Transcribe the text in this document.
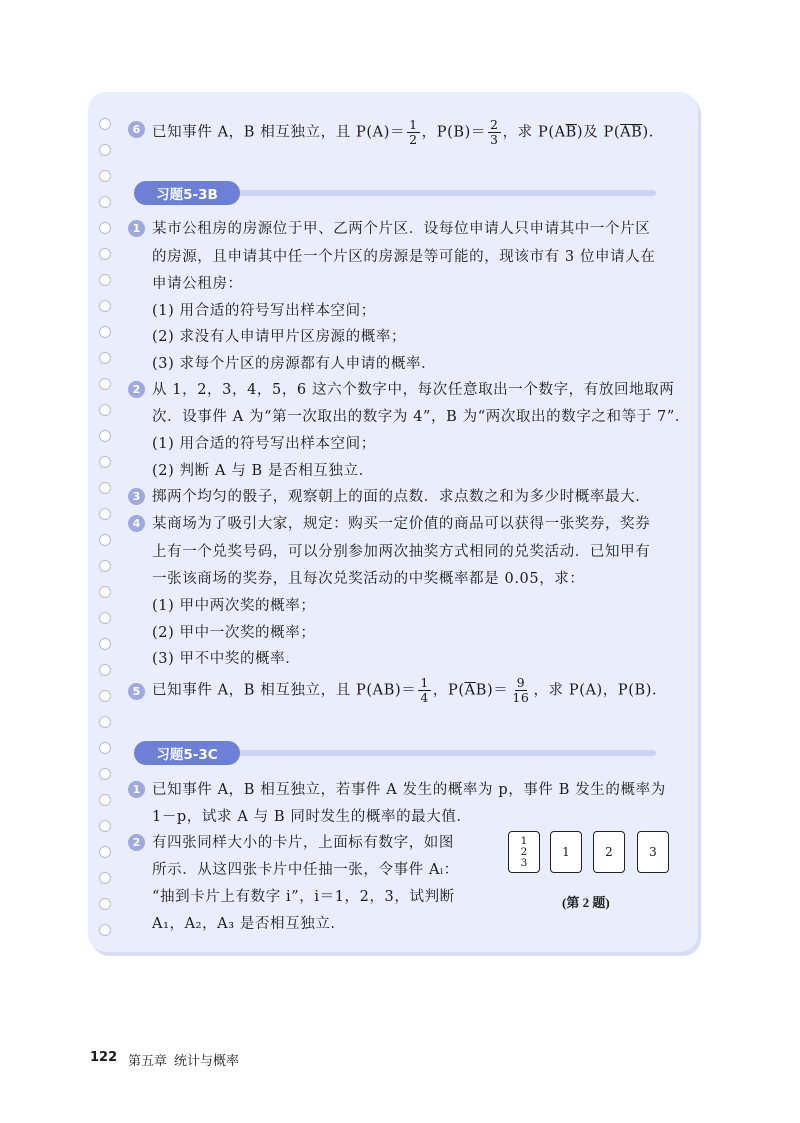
6 已知事件 A，B 相互独立，且 $P(A)= \frac{1}{2}$ ，$P(B)= \frac{2}{3}$ ，求 $P(A\overline{B})$及 $P(\overline{AB})$.
习题5-3B
1 某市公租房的房源位于甲、乙两个片区．设每位申请人只申请其中一个片区
的房源，且申请其中任一个片区的房源是等可能的，现该市有 3 位申请人在
申请公租房：
(1) 用合适的符号写出样本空间；
(2) 求没有人申请甲片区房源的概率；
(3) 求每个片区的房源都有人申请的概率．
2 从 1，2，3，4，5，6 这六个数字中，每次任意取出一个数字，有放回地取两
次．设事件 A 为“第一次取出的数字为 4”，B 为“两次取出的数字之和等于 7”．
(1) 用合适的符号写出样本空间；
(2) 判断 A 与 B 是否相互独立．
3 掷两个均匀的骰子，观察朝上的面的点数．求点数之和为多少时概率最大．
4 某商场为了吸引大家，规定：购买一定价值的商品可以获得一张奖券，奖券
上有一个兑奖号码，可以分别参加两次抽奖方式相同的兑奖活动．已知甲有
一张该商场的奖券，且每次兑奖活动的中奖概率都是 0.05，求：
(1) 甲中两次奖的概率；
(2) 甲中一次奖的概率；
(3) 甲不中奖的概率．
5 已知事件 A，B 相互独立，且 $P(AB)= \frac{1}{4}$ ，$P(\overline{A}B)= \frac{9}{16}$ ，求 P(A)，P(B).
习题5-3C
1 已知事件 A，B 相互独立，若事件 A 发生的概率为 p，事件 B 发生的概率为
1－p，试求 A 与 B 同时发生的概率的最大值．
2 有四张同样大小的卡片，上面标有数字，如图
所示．从这四张卡片中任抽一张，令事件 Aᵢ：
“抽到卡片上有数字 i”，i＝1，2，3，试判断
A₁，A₂，A₃ 是否相互独立．
1
2
3
1	2	3
(第 2 题)
122 第五章 统计与概率
